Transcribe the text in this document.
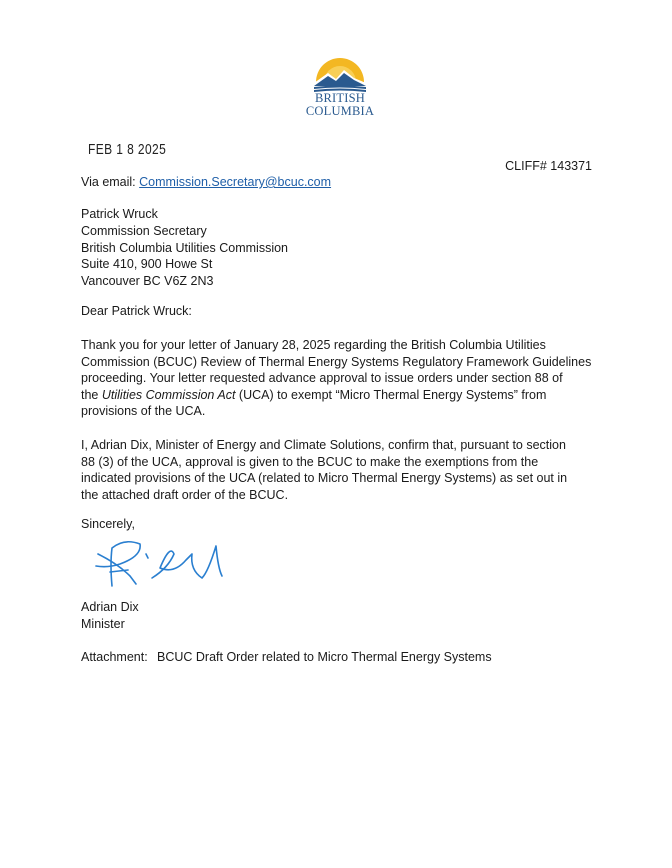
BRITISH
COLUMBIA
FEB 1 8 2025
CLIFF# 143371
Via email: Commission.Secretary@bcuc.com
Patrick Wruck
Commission Secretary
British Columbia Utilities Commission
Suite 410, 900 Howe St
Vancouver BC V6Z 2N3
Dear Patrick Wruck:
Thank you for your letter of January 28, 2025 regarding the British Columbia Utilities
Commission (BCUC) Review of Thermal Energy Systems Regulatory Framework Guidelines
proceeding. Your letter requested advance approval to issue orders under section 88 of
the Utilities Commission Act (UCA) to exempt “Micro Thermal Energy Systems” from
provisions of the UCA.
I, Adrian Dix, Minister of Energy and Climate Solutions, confirm that, pursuant to section
88 (3) of the UCA, approval is given to the BCUC to make the exemptions from the
indicated provisions of the UCA (related to Micro Thermal Energy Systems) as set out in
the attached draft order of the BCUC.
Sincerely,
Adrian Dix
Minister
Attachment: BCUC Draft Order related to Micro Thermal Energy Systems
